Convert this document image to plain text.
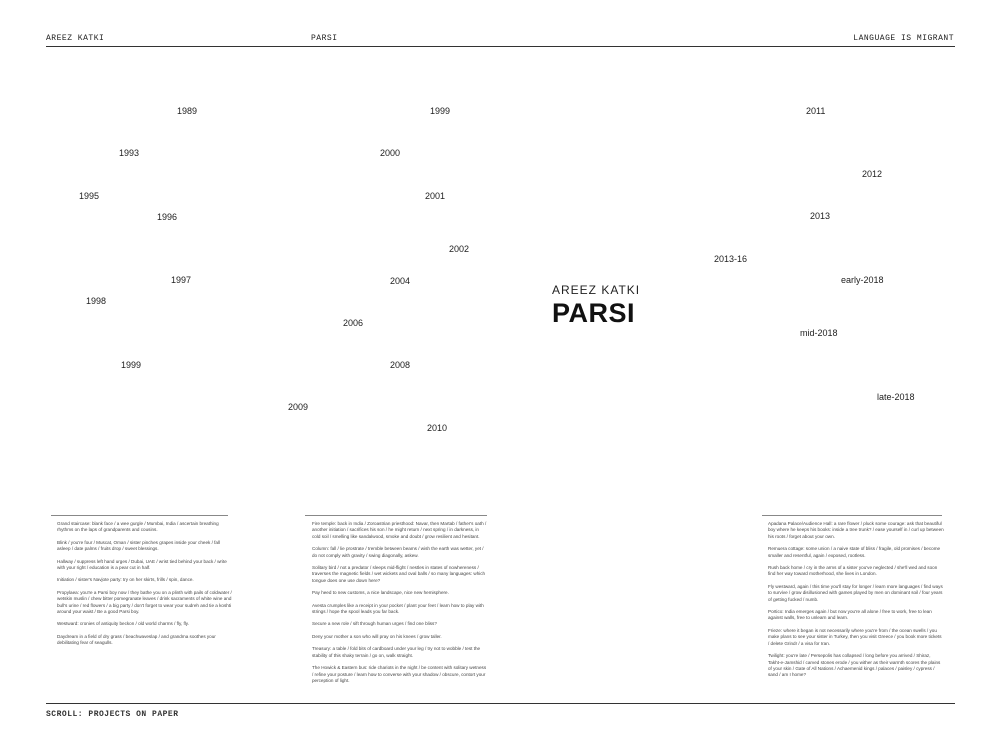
AREEZ KATKI	PARSI	LANGUAGE IS MIGRANT
1989
1993
1995
1996
1997
1998
1999
1999
2000
2001
2002
2004
2006
2008
2009
2010
2011
2012
2013
2013-16
early-2018
mid-2018
late-2018
AREEZ KATKI
PARSI

Grand staircase: blank face / a wee gurgle / Mumbai, India / ascertain breathing rhythms on the laps of grandparents and cousins.

Blink / you're four / Muscat, Oman / sister pinches grapes inside your cheek / fall asleep / date palms / fruits drop / sweet blessings.

Hallway / suppress left hand urges / Dubai, UAE / wrist tied behind your back / write with your right / education is a pear cut in half.

Initiation / sister's Navjote party: try on her skirts, frills / spin, dance.

Propylaea: you're a Parsi boy now / they bathe you on a plinth with pails of coldwater / wetskin muslin / chew bitter pomegranate leaves / drink sacraments of white wine and bull's urine / red flowers / a big party / don't forget to wear your sudreh and tie a koshti around your waist / Be a good Parsi boy.

Westward: cronies of antiquity beckon / old world charms / fly, fly.

Daydream in a field of dry grass / beachwaveslap / and grandma soothes your debilitating fear of seagulls.

Fire temple: back in India / Zoroastrian priesthood: Navar, then Martab / father's oath / another initiation / sacrifices his son / he might return / next spring / in darkness, in cold soil / smelling like sandalwood, smoke and doubt / grow resilient and hesitant.

Column: fall / lie prostrate / tremble between beams / wish the earth was wetter, yet / do not comply with gravity / swing diagonally, askew.

Solitary bird / not a predator / sleeps mid-flight / nestles in states of nowhereness / traverses the magnetic fields / wet wickets and oval balls / so many languages: which tongue does one use down here?

Pay heed to new customs, a nice landscape, nice new hemisphere.

Avesta crumples like a receipt in your pocket / plant your feet / learn how to play with strings / hope the spool leads you far back.

Secure a new role / sift through human urges / find one bliss?

Deny your mother a son who will pray on his knees / grow taller.

Treasury: a table / fold bits of cardboard under your leg / try not to wobble / test the stability of this shaky terrain / go on, walk straight.

The Howick & Eastern bus: ride chariots in the night / be content with solitary wetness / refine your posture / learn how to converse with your shadow / obscure, contort your perception of light.

Apadana Palace/Audience Hall: a rare flower / pluck some courage: ask that beautiful boy where he keeps his books: inside a tree trunk? / ease yourself in / curl up between his roots / forget about your own.

Remuera cottage: some union / a naive state of bliss / fragile, old promises / become smaller and resentful, again / exposed, rootless.

Rush back home / cry in the arms of a sister you've neglected / she'll wed and soon find her way toward motherhood, she lives in London.

Fly westward, again / this time you'll stay for longer / learn more languages / find ways to survive / grow disillusioned with games played by men on dominant soil / four years of getting fucked / numb.

Portico: India emerges again / but now you're all alone / free to work, free to lean against walls, free to unlearn and learn.

Frieze: where it began is not necessarily where you're from / the ocean swells / you make plans to see your sister in Turkey, then you visit Greece / you book more tickets / delete Grindr / a visa for Iran.

Twilight: you're late / Persepolis has collapsed / long before you arrived / Shiraz, Takht-e-Jamshid / carved stones erode / you wither as their warmth scores the plains of your skin / Gate of All Nations / Achaemenid kings / palaces / paisley / cypress / sand / am I home?

SCROLL: PROJECTS ON PAPER
